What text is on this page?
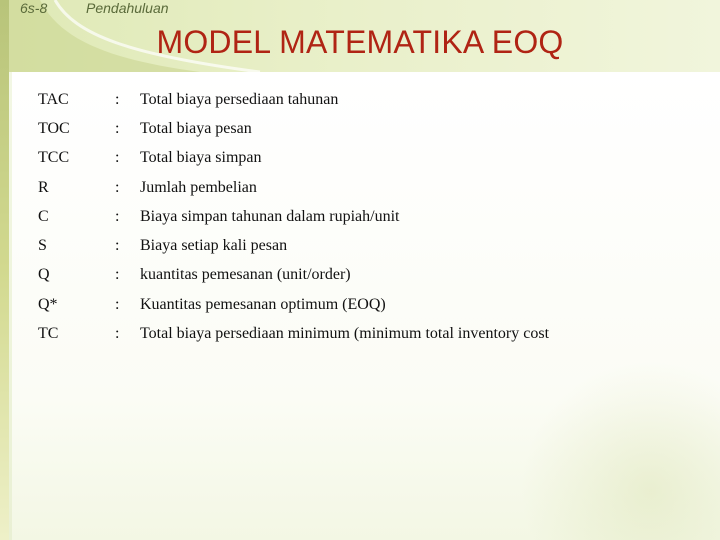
6s-8	Pendahuluan
MODEL MATEMATIKA EOQ
TAC	:	Total biaya persediaan tahunan
TOC	:	Total biaya pesan
TCC	:	Total biaya simpan
R	:	Jumlah pembelian
C	:	Biaya simpan tahunan dalam rupiah/unit
S	:	Biaya setiap kali pesan
Q	:	kuantitas pemesanan (unit/order)
Q*	:	Kuantitas pemesanan optimum (EOQ)
TC	:	Total biaya persediaan minimum (minimum total inventory cost
